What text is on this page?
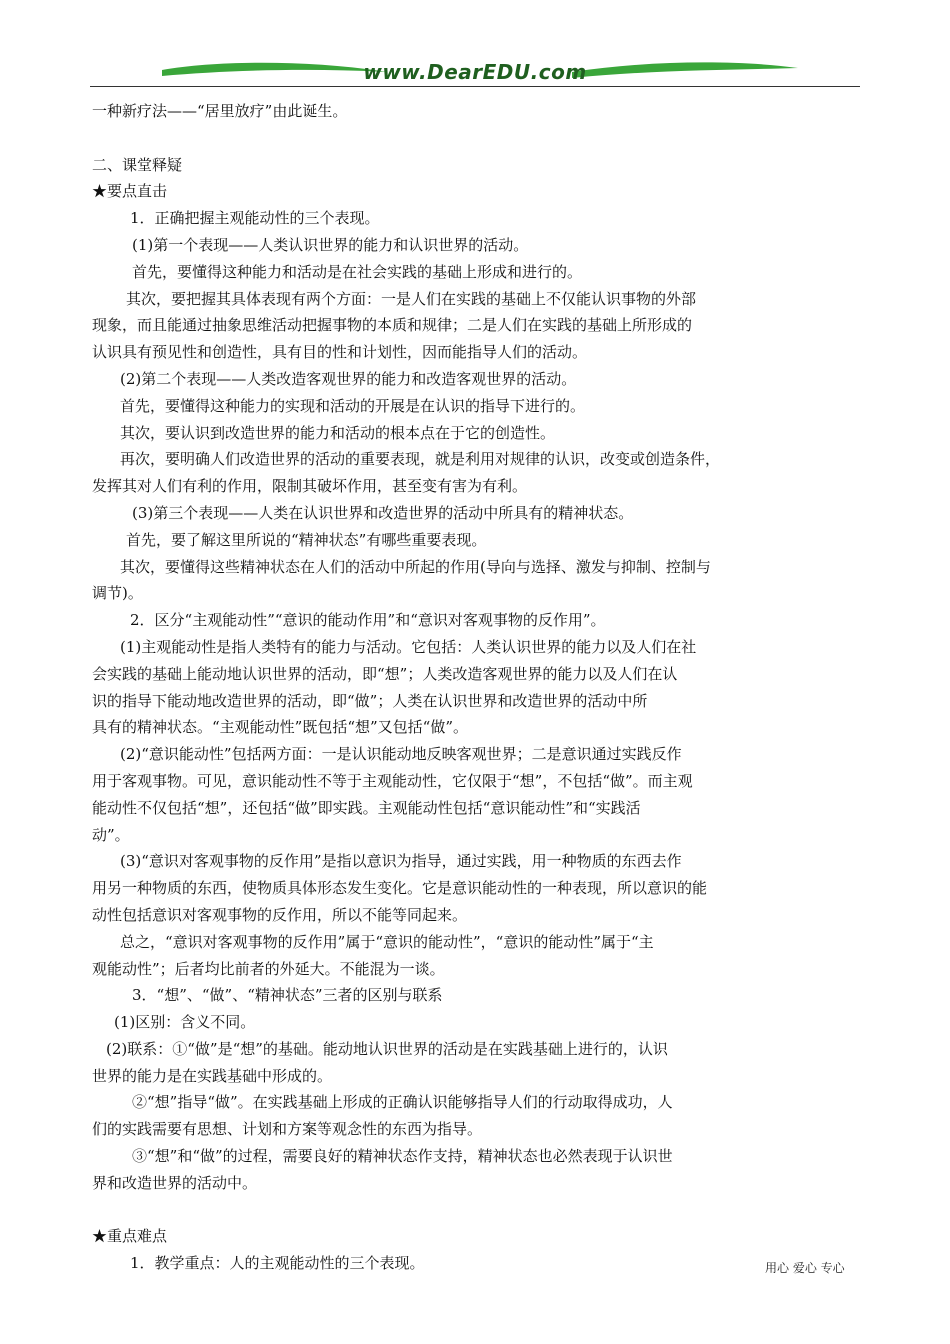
www.DearEDU.com
一种新疗法——“居里放疗”由此诞生。
二、课堂释疑
★要点直击
1．正确把握主观能动性的三个表现。
(1)第一个表现——人类认识世界的能力和认识世界的活动。
首先，要懂得这种能力和活动是在社会实践的基础上形成和进行的。
其次，要把握其具体表现有两个方面：一是人们在实践的基础上不仅能认识事物的外部
现象，而且能通过抽象思维活动把握事物的本质和规律；二是人们在实践的基础上所形成的
认识具有预见性和创造性，具有目的性和计划性，因而能指导人们的活动。
(2)第二个表现——人类改造客观世界的能力和改造客观世界的活动。
首先，要懂得这种能力的实现和活动的开展是在认识的指导下进行的。
其次，要认识到改造世界的能力和活动的根本点在于它的创造性。
再次，要明确人们改造世界的活动的重要表现，就是利用对规律的认识，改变或创造条件，
发挥其对人们有利的作用，限制其破坏作用，甚至变有害为有利。
(3)第三个表现——人类在认识世界和改造世界的活动中所具有的精神状态。
首先，要了解这里所说的“精神状态”有哪些重要表现。
其次，要懂得这些精神状态在人们的活动中所起的作用(导向与选择、激发与抑制、控制与
调节)。
2．区分“主观能动性”“意识的能动作用”和“意识对客观事物的反作用”。
(1)主观能动性是指人类特有的能力与活动。它包括：人类认识世界的能力以及人们在社
会实践的基础上能动地认识世界的活动，即“想”；人类改造客观世界的能力以及人们在认
识的指导下能动地改造世界的活动，即“做”；人类在认识世界和改造世界的活动中所
具有的精神状态。“主观能动性”既包括“想”又包括“做”。
(2)“意识能动性”包括两方面：一是认识能动地反映客观世界；二是意识通过实践反作
用于客观事物。可见，意识能动性不等于主观能动性，它仅限于“想”，不包括“做”。而主观
能动性不仅包括“想”，还包括“做”即实践。主观能动性包括“意识能动性”和“实践活
动”。
(3)“意识对客观事物的反作用”是指以意识为指导，通过实践，用一种物质的东西去作
用另一种物质的东西，使物质具体形态发生变化。它是意识能动性的一种表现，所以意识的能
动性包括意识对客观事物的反作用，所以不能等同起来。
总之，“意识对客观事物的反作用”属于“意识的能动性”，“意识的能动性”属于“主
观能动性”；后者均比前者的外延大。不能混为一谈。
3．“想”、“做”、“精神状态”三者的区别与联系
(1)区别：含义不同。
(2)联系：①“做”是“想”的基础。能动地认识世界的活动是在实践基础上进行的，认识
世界的能力是在实践基础中形成的。
②“想”指导“做”。在实践基础上形成的正确认识能够指导人们的行动取得成功，人
们的实践需要有思想、计划和方案等观念性的东西为指导。
③“想”和“做”的过程，需要良好的精神状态作支持，精神状态也必然表现于认识世
界和改造世界的活动中。
★重点难点
1．教学重点：人的主观能动性的三个表现。	用心 爱心 专心
